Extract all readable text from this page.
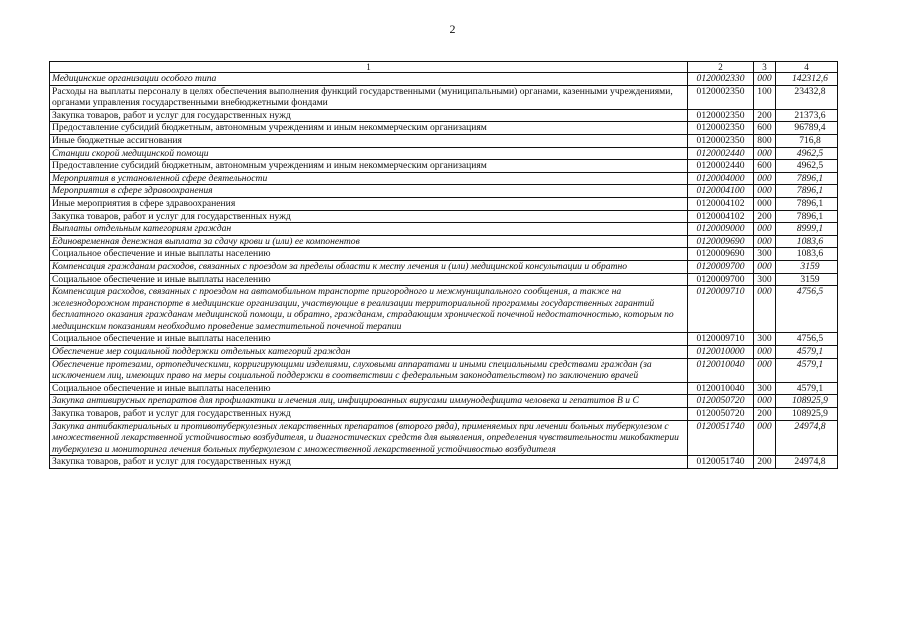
2
1	2	3	4
Медицинские организации особого типа	0120002330	000	142312,6
Расходы на выплаты персоналу в целях обеспечения выполнения функций государственными (муниципальными) органами, казенными учреждениями, органами управления государственными внебюджетными фондами	0120002350	100	23432,8
Закупка товаров, работ и услуг для государственных нужд	0120002350	200	21373,6
Предоставление субсидий бюджетным, автономным учреждениям и иным некоммерческим организациям	0120002350	600	96789,4
Иные бюджетные ассигнования	0120002350	800	716,8
Станции скорой медицинской помощи	0120002440	000	4962,5
Предоставление субсидий бюджетным, автономным учреждениям и иным некоммерческим организациям	0120002440	600	4962,5
Мероприятия в установленной сфере деятельности	0120004000	000	7896,1
Мероприятия в сфере здравоохранения	0120004100	000	7896,1
Иные мероприятия в сфере здравоохранения	0120004102	000	7896,1
Закупка товаров, работ и услуг для государственных нужд	0120004102	200	7896,1
Выплаты отдельным категориям граждан	0120009000	000	8999,1
Единовременная денежная выплата за сдачу крови и (или) ее компонентов	0120009690	000	1083,6
Социальное обеспечение и иные выплаты населению	0120009690	300	1083,6
Компенсация гражданам расходов, связанных с проездом за пределы области к месту лечения и (или) медицинской консультации и обратно	0120009700	000	3159
Социальное обеспечение и иные выплаты населению	0120009700	300	3159
Компенсация расходов, связанных с проездом на автомобильном транспорте пригородного и межмуниципального сообщения, а также на железнодорожном транспорте в медицинские организации, участвующие в реализации территориальной программы государственных гарантий бесплатного оказания гражданам медицинской помощи, и обратно, гражданам, страдающим хронической почечной недостаточностью, которым по медицинским показаниям необходимо проведение заместительной почечной терапии	0120009710	000	4756,5
Социальное обеспечение и иные выплаты населению	0120009710	300	4756,5
Обеспечение мер социальной поддержки отдельных категорий граждан	0120010000	000	4579,1
Обеспечение протезами, ортопедическими, корригирующими изделиями, слуховыми аппаратами и иными специальными средствами граждан (за исключением лиц, имеющих право на меры социальной поддержки в соответствии с федеральным законодательством) по заключению врачей	0120010040	000	4579,1
Социальное обеспечение и иные выплаты населению	0120010040	300	4579,1
Закупка антивирусных препаратов для профилактики и лечения лиц, инфицированных вирусами иммунодефицита человека и гепатитов В и С	0120050720	000	108925,9
Закупка товаров, работ и услуг для государственных нужд	0120050720	200	108925,9
Закупка антибактериальных и противотуберкулезных лекарственных препаратов (второго ряда), применяемых при лечении больных туберкулезом с множественной лекарственной устойчивостью возбудителя, и диагностических средств для выявления, определения чувствительности микобактерии туберкулеза и мониторинга лечения больных туберкулезом с множественной лекарственной устойчивостью возбудителя	0120051740	000	24974,8
Закупка товаров, работ и услуг для государственных нужд	0120051740	200	24974,8
